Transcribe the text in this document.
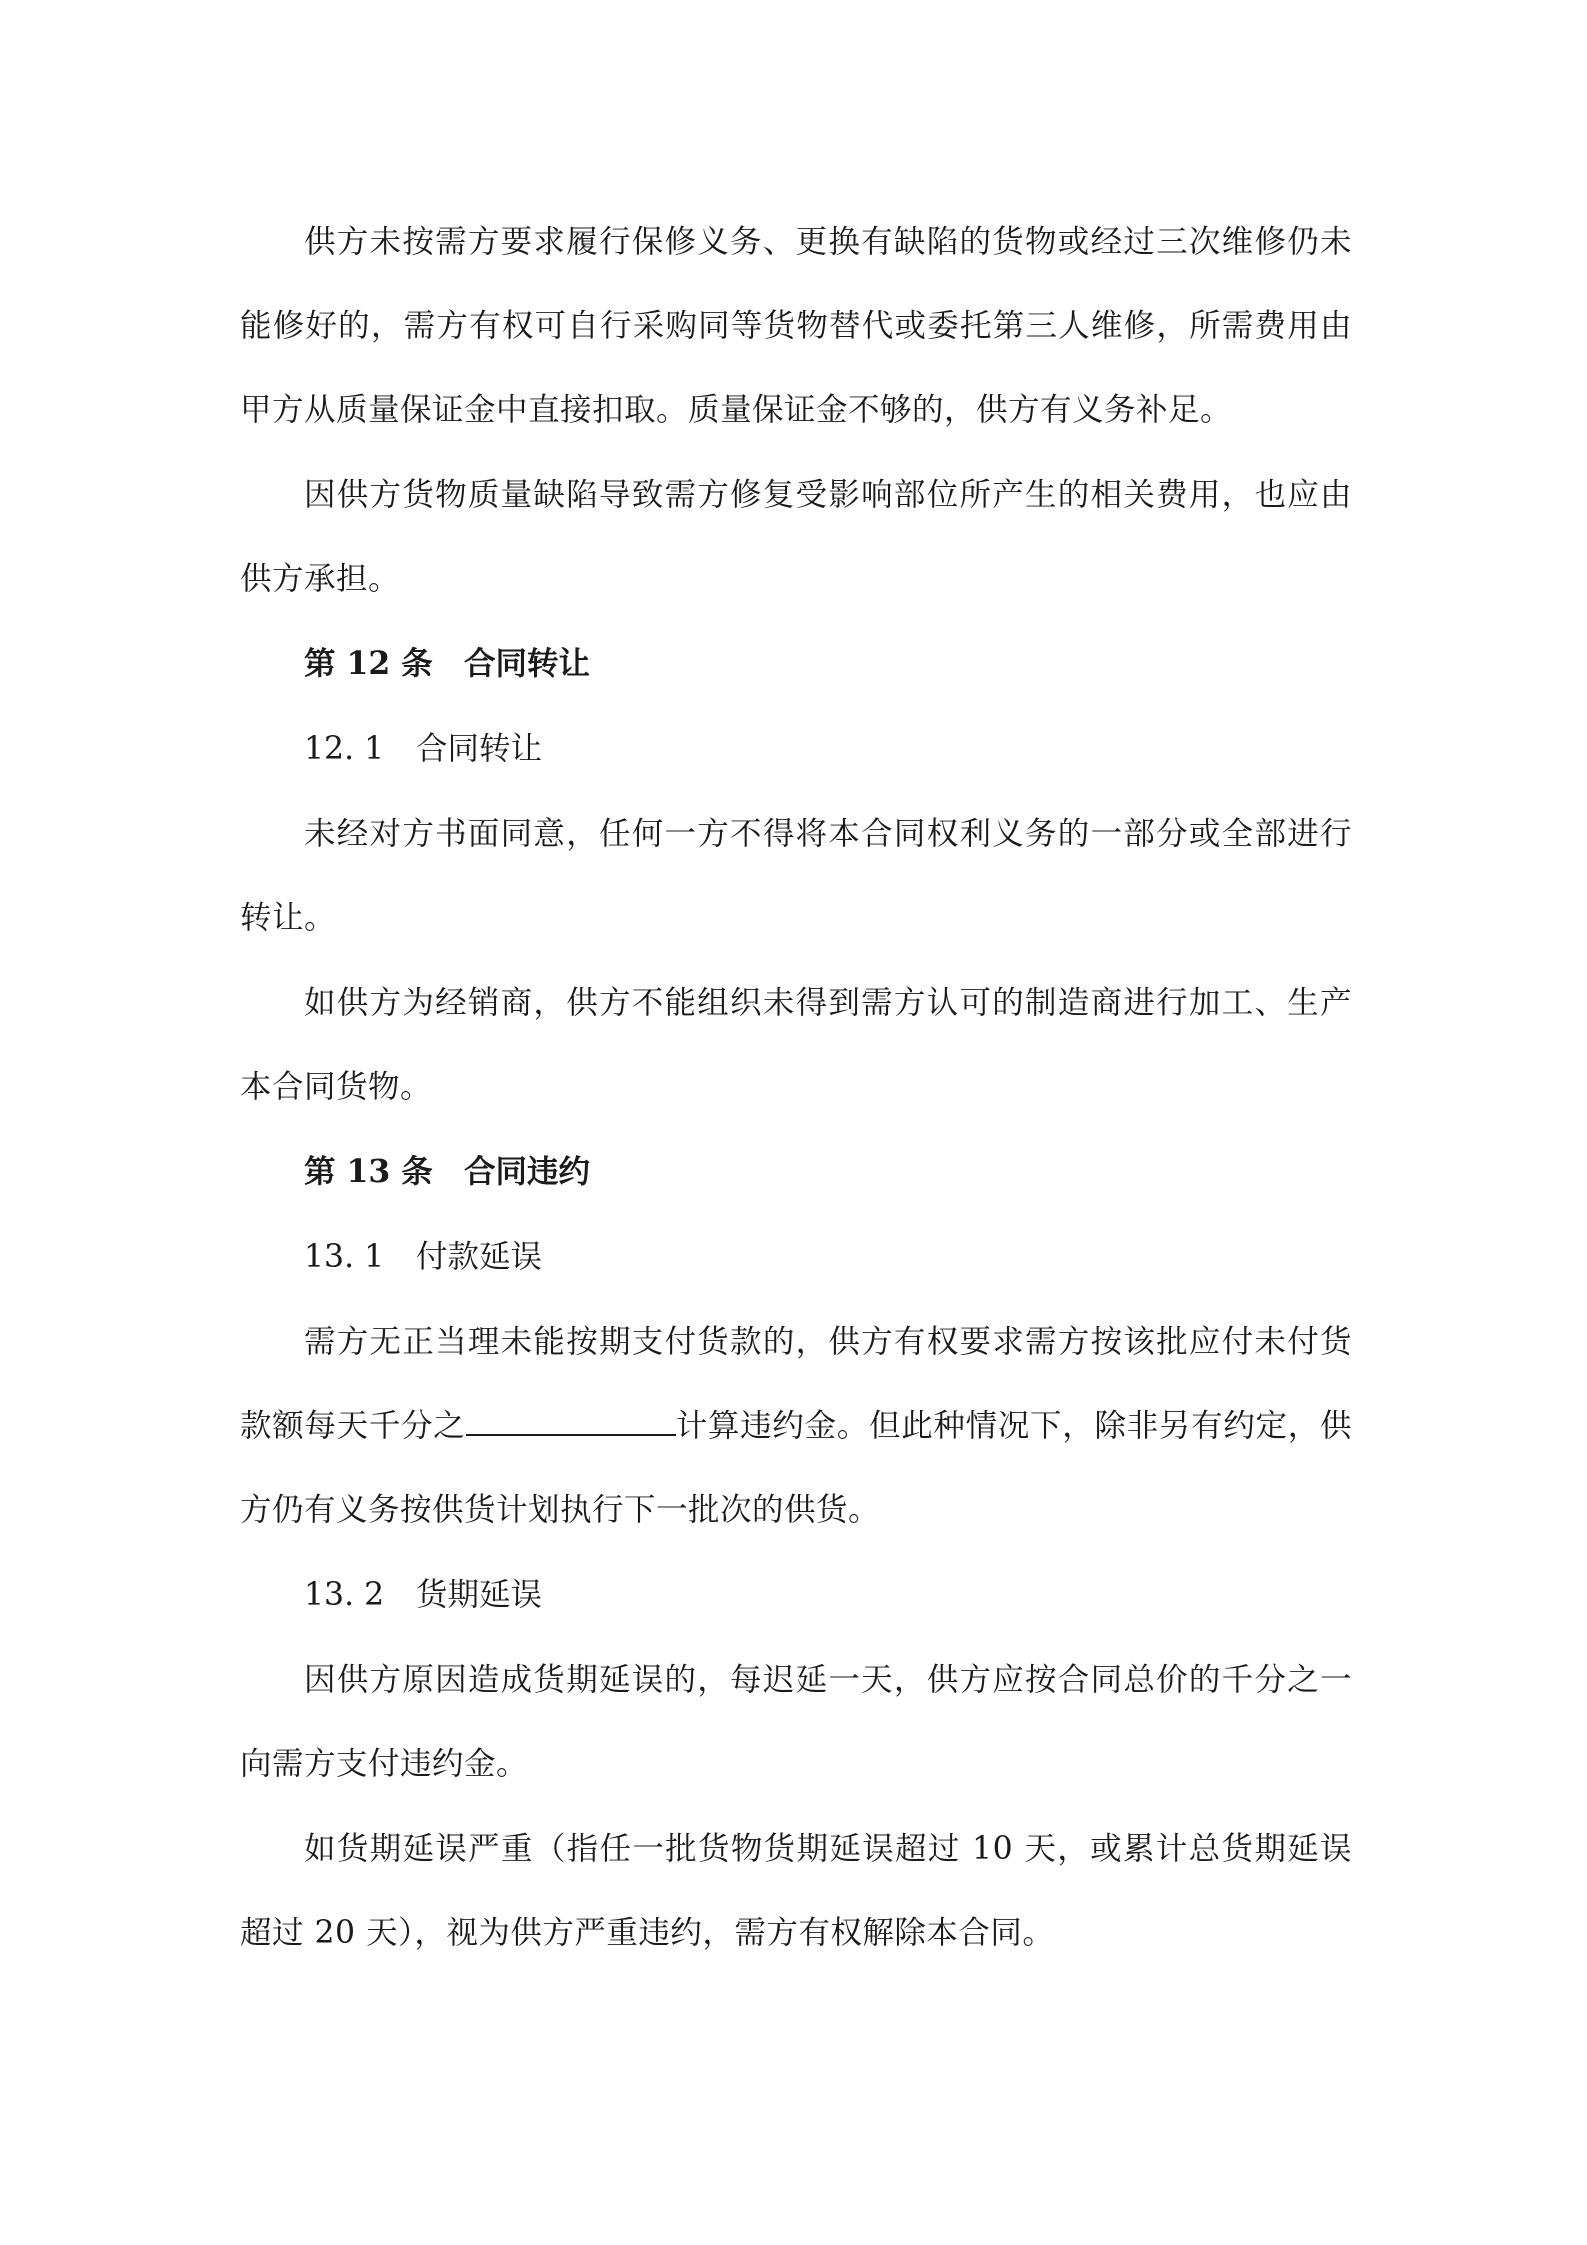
供方未按需方要求履行保修义务、更换有缺陷的货物或经过三次维修仍未能修好的，需方有权可自行采购同等货物替代或委托第三人维修，所需费用由甲方从质量保证金中直接扣取。质量保证金不够的，供方有义务补足。

因供方货物质量缺陷导致需方修复受影响部位所产生的相关费用，也应由供方承担。

第 12 条 合同转让

12. 1 合同转让

未经对方书面同意，任何一方不得将本合同权利义务的一部分或全部进行转让。

如供方为经销商，供方不能组织未得到需方认可的制造商进行加工、生产本合同货物。

第 13 条 合同违约

13. 1 付款延误

需方无正当理未能按期支付货款的，供方有权要求需方按该批应付未付货款额每天千分之	计算违约金。但此种情况下，除非另有约定，供方仍有义务按供货计划执行下一批次的供货。

13. 2 货期延误

因供方原因造成货期延误的，每迟延一天，供方应按合同总价的千分之一向需方支付违约金。

如货期延误严重（指任一批货物货期延误超过 10 天，或累计总货期延误超过 20 天），视为供方严重违约，需方有权解除本合同。
